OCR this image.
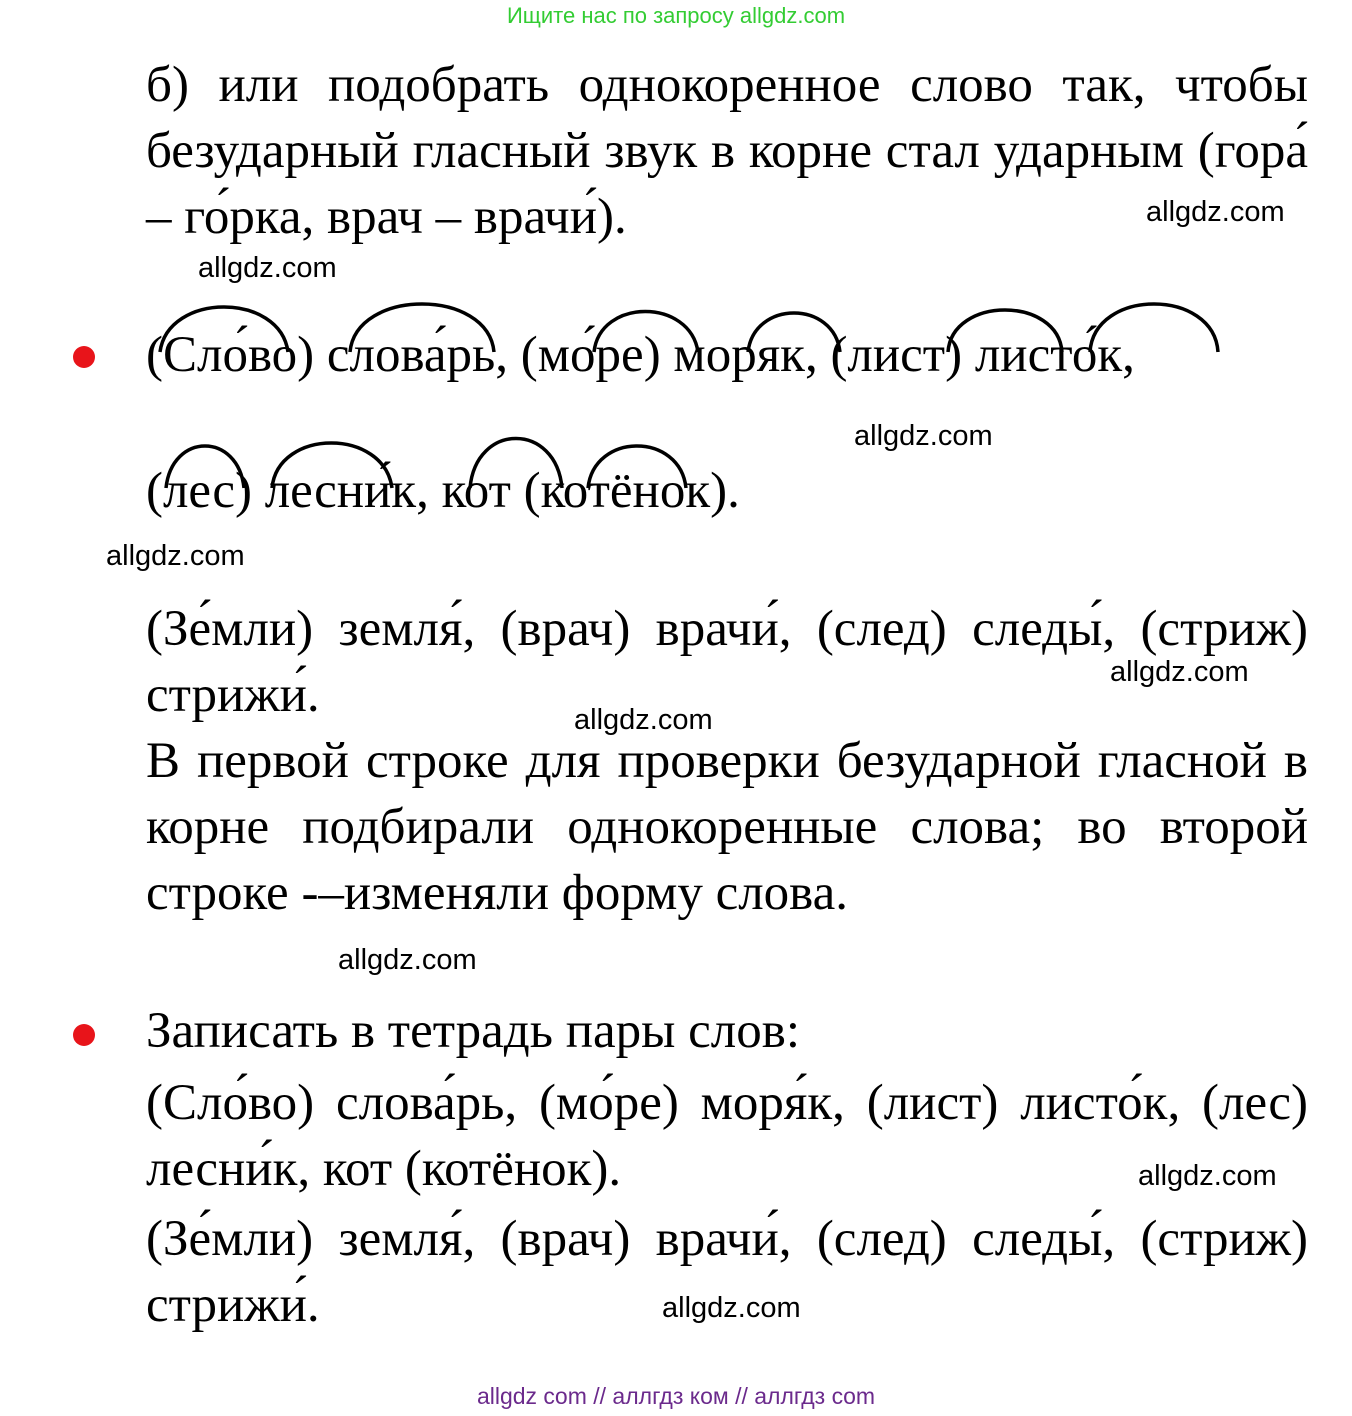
Ищите нас по запросу allgdz.com
б) или подобрать однокоренное слово так, чтобы безударный гласный звук в корне стал ударным (гора́ – го́рка, врач – врачи́).	allgdz.com
allgdz.com
(Сло́во) слова́рь, (мо́ре) моряк, (лист) листо́к,
allgdz.com
(лес) лесни́к, кот (котёнок).
allgdz.com
(Зе́мли) земля́, (врач) врачи́, (след) следы́, (стриж) стрижи́.	allgdz.com
allgdz.com
В первой строке для проверки безударной гласной в корне подбирали однокоренные слова; во второй строке -–изменяли форму слова.
allgdz.com
Записать в тетрадь пары слов:
(Сло́во) слова́рь, (мо́ре) моря́к, (лист) листо́к, (лес) лесни́к, кот (котёнок).	allgdz.com
(Зе́мли) земля́, (врач) врачи́, (след) следы́, (стриж) стрижи́.	allgdz.com
allgdz com // аллгдз ком // аллгдз com
